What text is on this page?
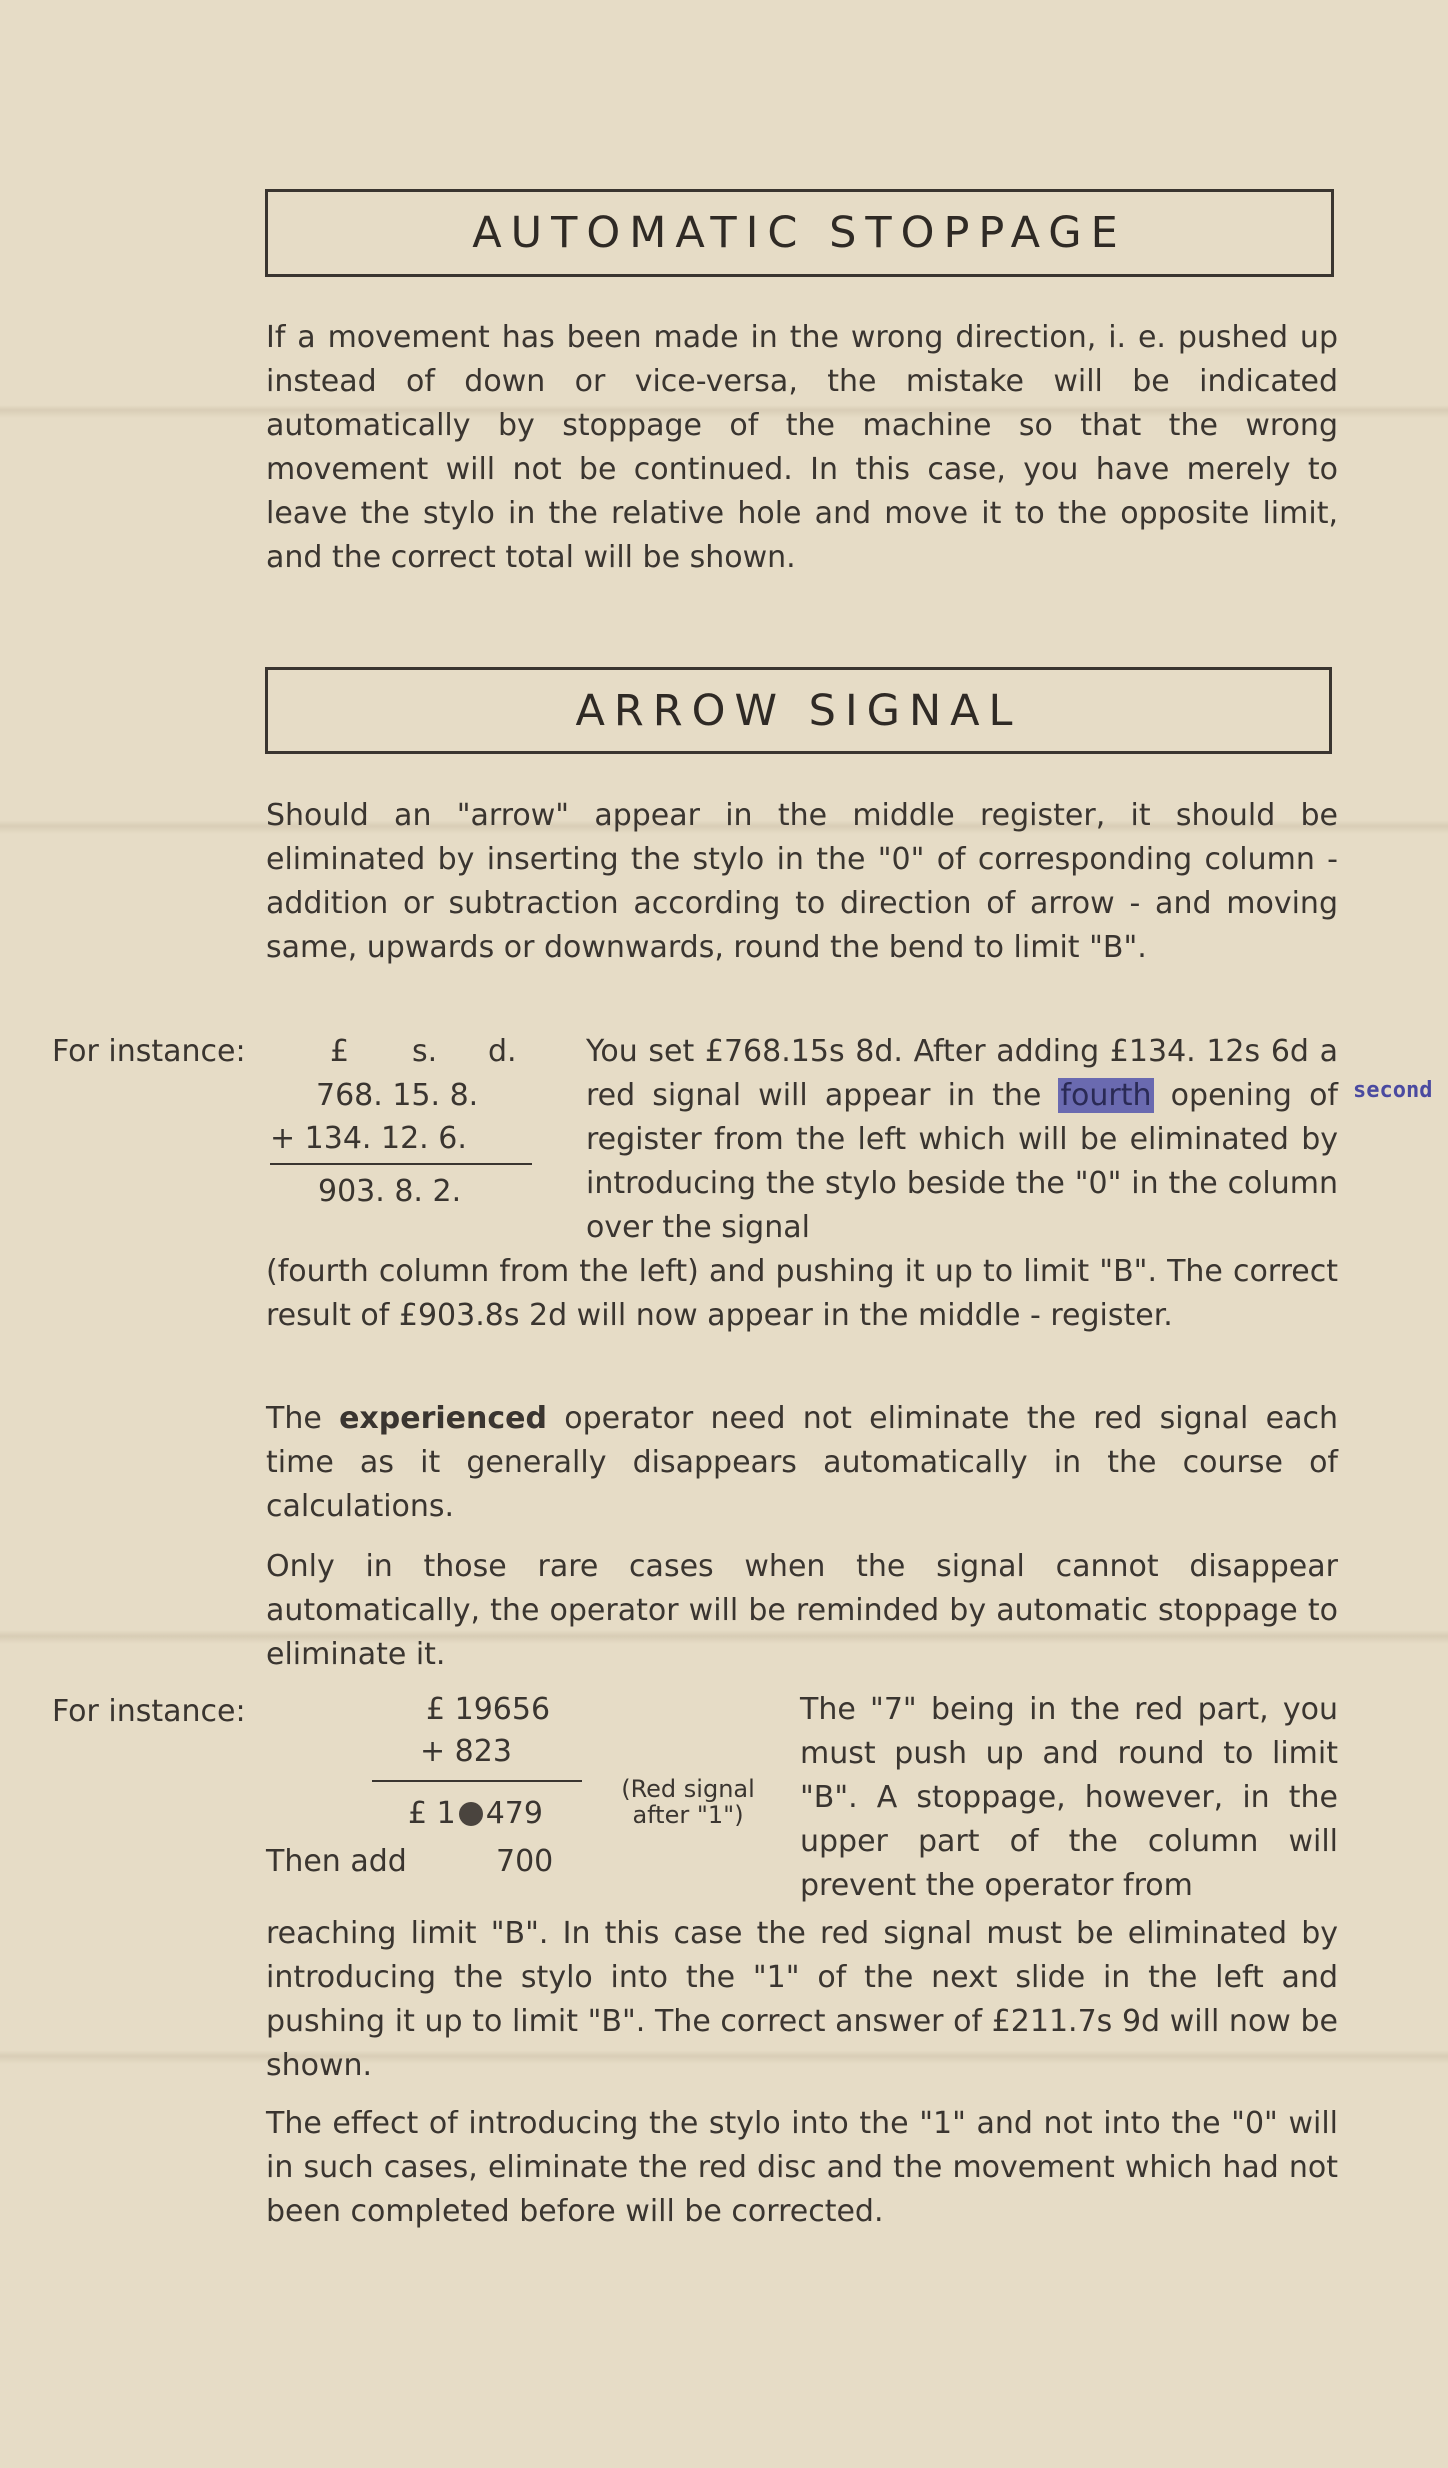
AUTOMATIC STOPPAGE

If a movement has been made in the wrong direction, i. e. pushed up instead of down or vice-versa, the mistake will be indicated automatically by stoppage of the machine so that the wrong movement will not be continued. In this case, you have merely to leave the stylo in the relative hole and move it to the opposite limit, and the correct total will be shown.

ARROW SIGNAL

Should an "arrow" appear in the middle register, it should be eliminated by inserting the stylo in the "0" of corresponding column - addition or subtraction according to direction of arrow - and moving same, upwards or downwards, round the bend to limit "B".

For instance:	£ s. d.
768. 15. 8.
+ 134. 12. 6.
903. 8. 2.

You set £768.15s 8d. After adding £134. 12s 6d a red signal will appear in the fourth opening of register from the left which will be eliminated by introducing the stylo beside the "0" in the column over the signal

second

(fourth column from the left) and pushing it up to limit "B". The correct result of £903.8s 2d will now appear in the middle - register.

The experienced operator need not eliminate the red signal each time as it generally disappears automatically in the course of calculations.

Only in those rare cases when the signal cannot disappear automatically, the operator will be reminded by automatic stoppage to eliminate it.

For instance:	£ 19656
+ 823
£ 1 479
(Red signal after "1")
Then add	700

The "7" being in the red part, you must push up and round to limit "B". A stoppage, however, in the upper part of the column will prevent the operator from

reaching limit "B". In this case the red signal must be eliminated by introducing the stylo into the "1" of the next slide in the left and pushing it up to limit "B". The correct answer of £211.7s 9d will now be shown.

The effect of introducing the stylo into the "1" and not into the "0" will in such cases, eliminate the red disc and the movement which had not been completed before will be corrected.
